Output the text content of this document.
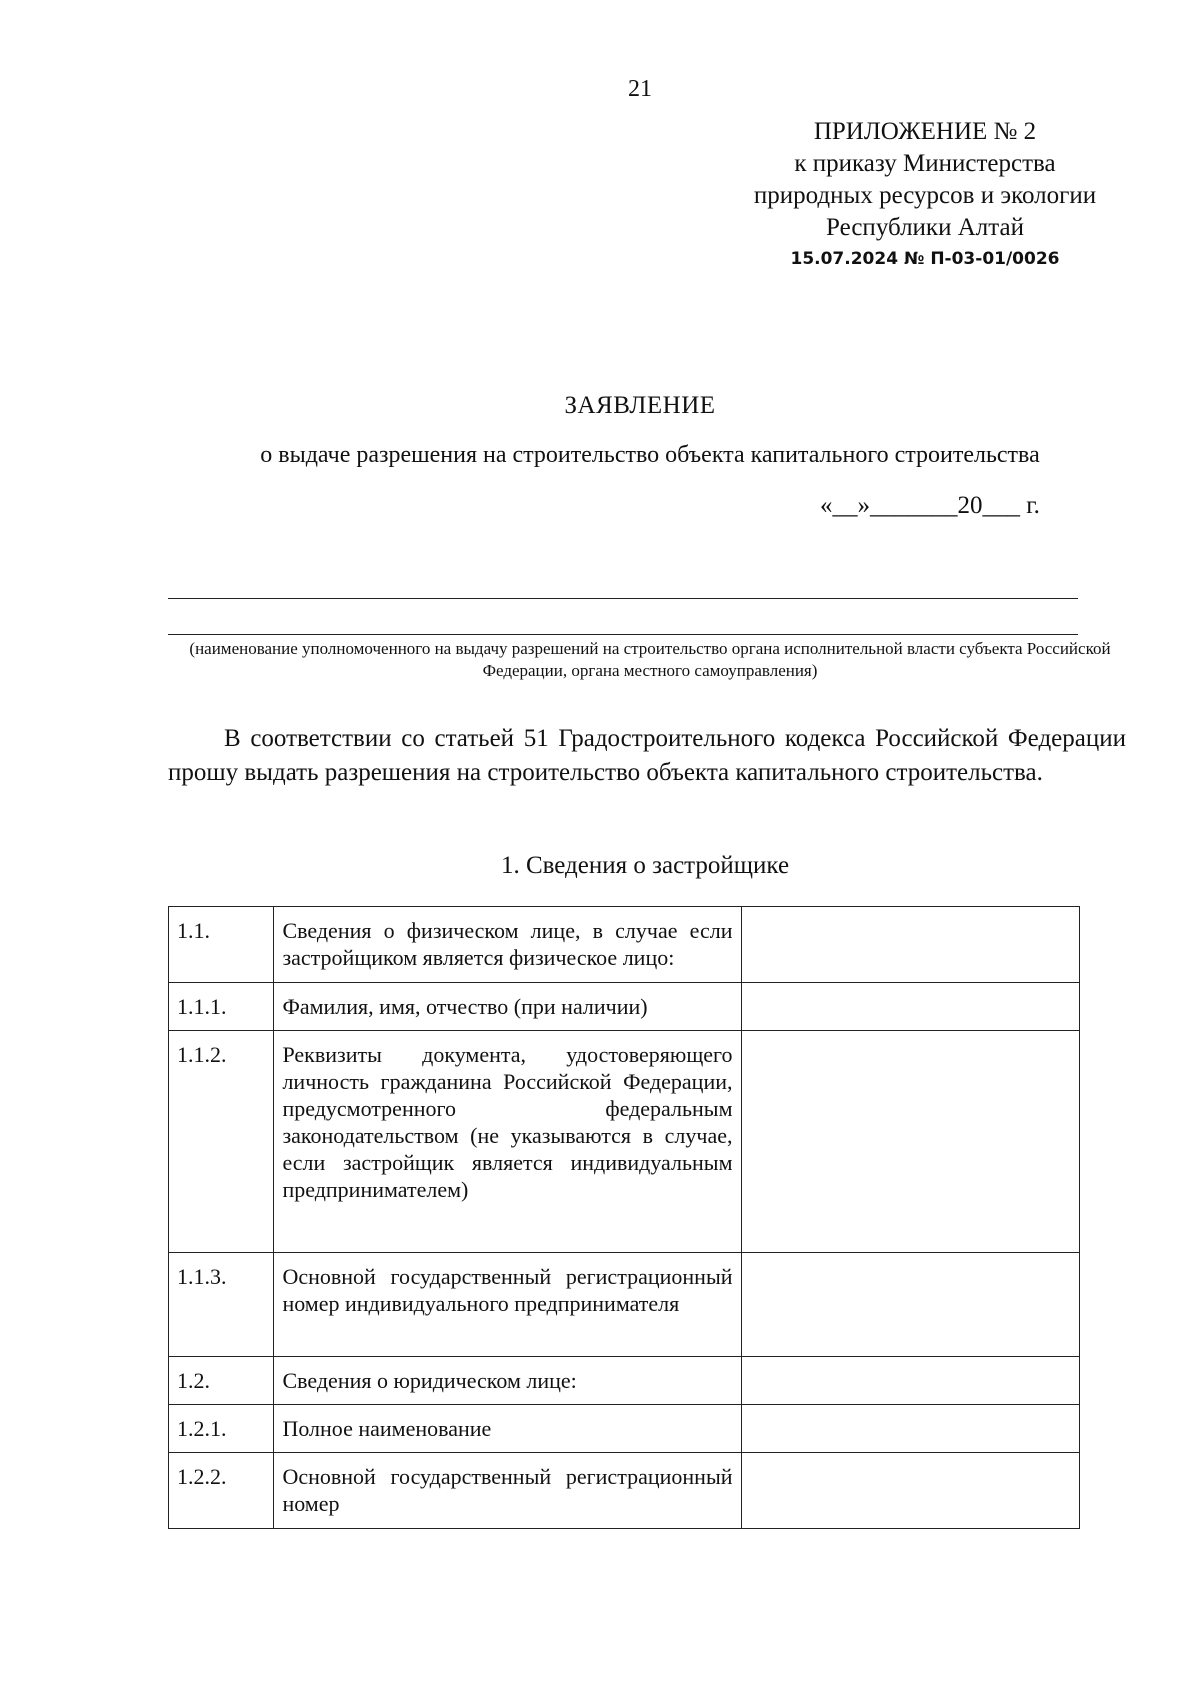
21
ПРИЛОЖЕНИЕ № 2
к приказу Министерства
природных ресурсов и экологии
Республики Алтай
15.07.2024 № П-03-01/0026
ЗАЯВЛЕНИЕ
о выдаче разрешения на строительство объекта капитального строительства
«__»_______20___ г.
(наименование уполномоченного на выдачу разрешений на строительство органа исполнительной власти субъекта Российской Федерации, органа местного самоуправления)
В соответствии со статьей 51 Градостроительного кодекса Российской Федерации прошу выдать разрешения на строительство объекта капитального строительства.
1. Сведения о застройщике
1.1.	Сведения о физическом лице, в случае если застройщиком является физическое лицо:	
1.1.1.	Фамилия, имя, отчество (при наличии)	
1.1.2.	Реквизиты документа, удостоверяющего личность гражданина Российской Федерации, предусмотренного федеральным законодательством (не указываются в случае, если застройщик является индивидуальным предпринимателем)	
1.1.3.	Основной государственный регистрационный номер индивидуального предпринимателя	
1.2.	Сведения о юридическом лице:	
1.2.1.	Полное наименование	
1.2.2.	Основной государственный регистрационный номер	
